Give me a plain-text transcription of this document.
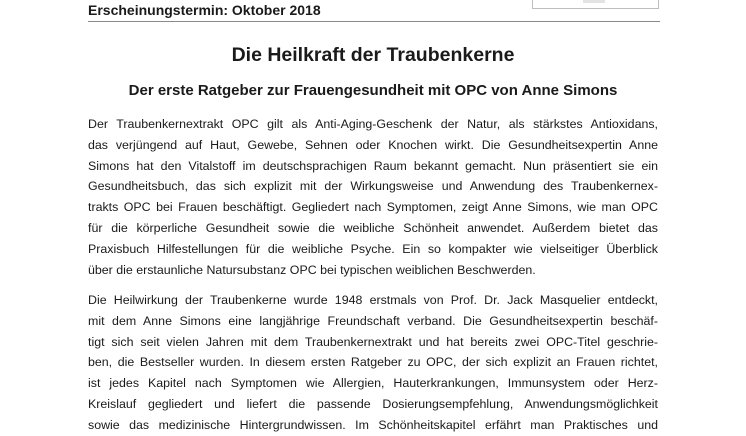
Erscheinungstermin: Oktober 2018
Die Heilkraft der Traubenkerne
Der erste Ratgeber zur Frauengesundheit mit OPC von Anne Simons
Der Traubenkernextrakt OPC gilt als Anti-Aging-Geschenk der Natur, als stärkstes Antioxidans,
das verjüngend auf Haut, Gewebe, Sehnen oder Knochen wirkt. Die Gesundheitsexpertin Anne
Simons hat den Vitalstoff im deutschsprachigen Raum bekannt gemacht. Nun präsentiert sie ein
Gesundheitsbuch, das sich explizit mit der Wirkungsweise und Anwendung des Traubenkernex-
trakts OPC bei Frauen beschäftigt. Gegliedert nach Symptomen, zeigt Anne Simons, wie man OPC
für die körperliche Gesundheit sowie die weibliche Schönheit anwendet. Außerdem bietet das
Praxisbuch Hilfestellungen für die weibliche Psyche. Ein so kompakter wie vielseitiger Überblick
über die erstaunliche Natursubstanz OPC bei typischen weiblichen Beschwerden.
Die Heilwirkung der Traubenkerne wurde 1948 erstmals von Prof. Dr. Jack Masquelier entdeckt,
mit dem Anne Simons eine langjährige Freundschaft verband. Die Gesundheitsexpertin beschäf-
tigt sich seit vielen Jahren mit dem Traubenkernextrakt und hat bereits zwei OPC-Titel geschrie-
ben, die Bestseller wurden. In diesem ersten Ratgeber zu OPC, der sich explizit an Frauen richtet,
ist jedes Kapitel nach Symptomen wie Allergien, Hauterkrankungen, Immunsystem oder Herz-
Kreislauf gegliedert und liefert die passende Dosierungsempfehlung, Anwendungsmöglichkeit
sowie das medizinische Hintergrundwissen. Im Schönheitskapitel erfährt man Praktisches und
